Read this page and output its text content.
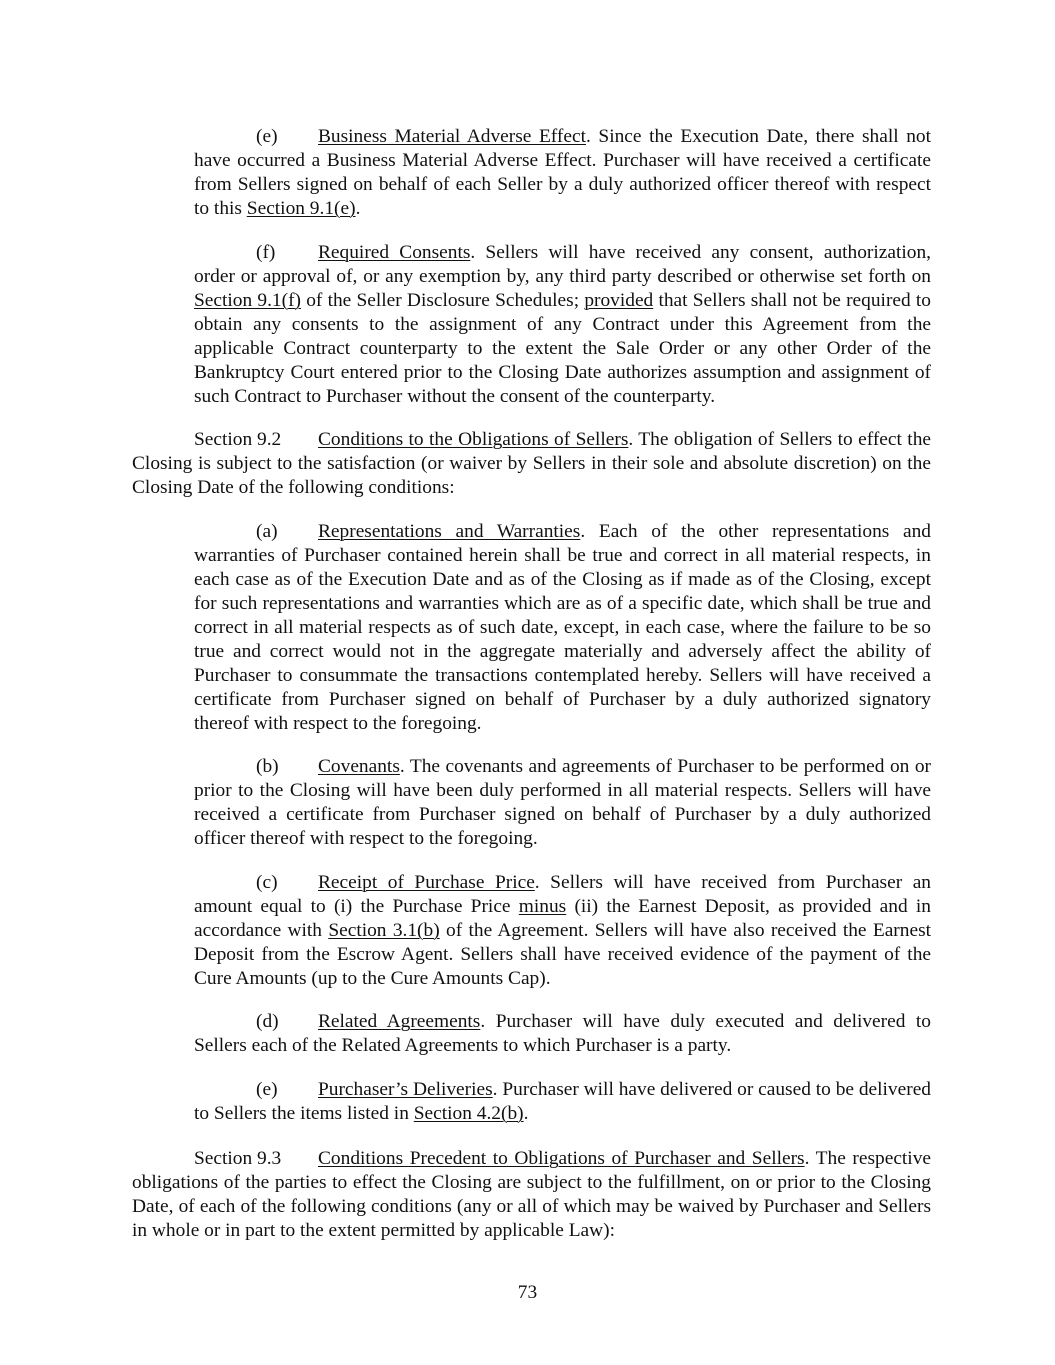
(e) Business Material Adverse Effect. Since the Execution Date, there shall not have occurred a Business Material Adverse Effect. Purchaser will have received a certificate from Sellers signed on behalf of each Seller by a duly authorized officer thereof with respect to this Section 9.1(e).

(f) Required Consents. Sellers will have received any consent, authorization, order or approval of, or any exemption by, any third party described or otherwise set forth on Section 9.1(f) of the Seller Disclosure Schedules; provided that Sellers shall not be required to obtain any consents to the assignment of any Contract under this Agreement from the applicable Contract counterparty to the extent the Sale Order or any other Order of the Bankruptcy Court entered prior to the Closing Date authorizes assumption and assignment of such Contract to Purchaser without the consent of the counterparty.

Section 9.2 Conditions to the Obligations of Sellers. The obligation of Sellers to effect the Closing is subject to the satisfaction (or waiver by Sellers in their sole and absolute discretion) on the Closing Date of the following conditions:

(a) Representations and Warranties. Each of the other representations and warranties of Purchaser contained herein shall be true and correct in all material respects, in each case as of the Execution Date and as of the Closing as if made as of the Closing, except for such representations and warranties which are as of a specific date, which shall be true and correct in all material respects as of such date, except, in each case, where the failure to be so true and correct would not in the aggregate materially and adversely affect the ability of Purchaser to consummate the transactions contemplated hereby. Sellers will have received a certificate from Purchaser signed on behalf of Purchaser by a duly authorized signatory thereof with respect to the foregoing.

(b) Covenants. The covenants and agreements of Purchaser to be performed on or prior to the Closing will have been duly performed in all material respects. Sellers will have received a certificate from Purchaser signed on behalf of Purchaser by a duly authorized officer thereof with respect to the foregoing.

(c) Receipt of Purchase Price. Sellers will have received from Purchaser an amount equal to (i) the Purchase Price minus (ii) the Earnest Deposit, as provided and in accordance with Section 3.1(b) of the Agreement. Sellers will have also received the Earnest Deposit from the Escrow Agent. Sellers shall have received evidence of the payment of the Cure Amounts (up to the Cure Amounts Cap).

(d) Related Agreements. Purchaser will have duly executed and delivered to Sellers each of the Related Agreements to which Purchaser is a party.

(e) Purchaser’s Deliveries. Purchaser will have delivered or caused to be delivered to Sellers the items listed in Section 4.2(b).

Section 9.3 Conditions Precedent to Obligations of Purchaser and Sellers. The respective obligations of the parties to effect the Closing are subject to the fulfillment, on or prior to the Closing Date, of each of the following conditions (any or all of which may be waived by Purchaser and Sellers in whole or in part to the extent permitted by applicable Law):

73
